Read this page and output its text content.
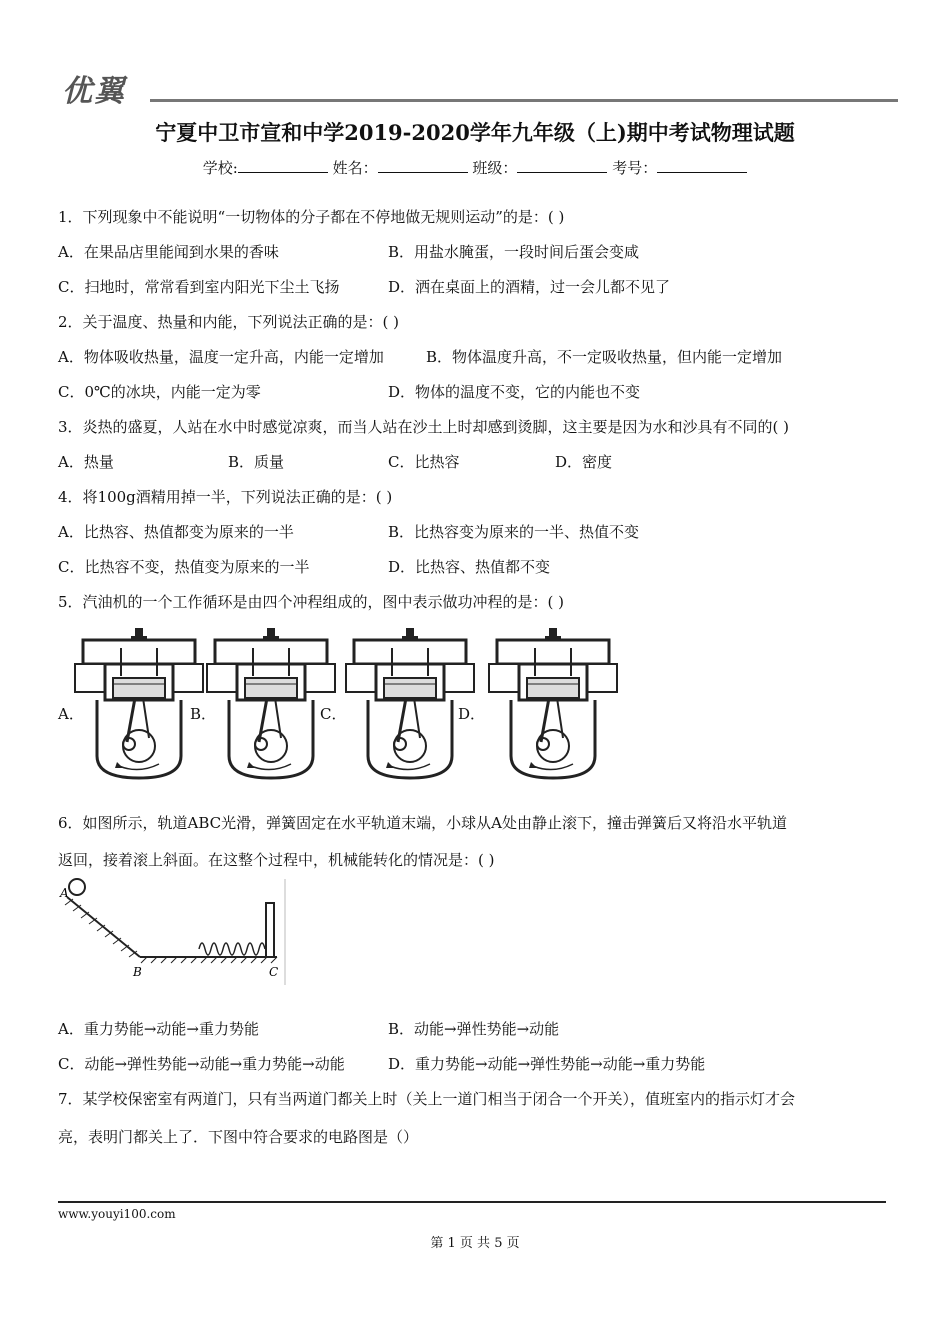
优翼
宁夏中卫市宣和中学2019-2020学年九年级（上)期中考试物理试题
学校:	姓名：	班级：	考号：
1．下列现象中不能说明“一切物体的分子都在不停地做无规则运动”的是：( )
A．在果品店里能闻到水果的香味	B．用盐水腌蛋，一段时间后蛋会变咸
C．扫地时，常常看到室内阳光下尘土飞扬	D．洒在桌面上的酒精，过一会儿都不见了
2．关于温度、热量和内能，下列说法正确的是：( )
A．物体吸收热量，温度一定升高，内能一定增加	B．物体温度升高，不一定吸收热量，但内能一定增加
C．0℃的冰块，内能一定为零	D．物体的温度不变，它的内能也不变
3．炎热的盛夏，人站在水中时感觉凉爽，而当人站在沙土上时却感到烫脚，这主要是因为水和沙具有不同的( )
A．热量	B．质量	C．比热容	D．密度
4．将100g酒精用掉一半，下列说法正确的是：( )
A．比热容、热值都变为原来的一半	B．比热容变为原来的一半、热值不变
C．比热容不变，热值变为原来的一半	D．比热容、热值都不变
5．汽油机的一个工作循环是由四个冲程组成的，图中表示做功冲程的是：( )
A．	B．	C．	D．
6．如图所示，轨道ABC光滑，弹簧固定在水平轨道末端，小球从A处由静止滚下，撞击弹簧后又将沿水平轨道
返回，接着滚上斜面。在这整个过程中，机械能转化的情况是：( )
A
B	C
A．重力势能→动能→重力势能	B．动能→弹性势能→动能
C．动能→弹性势能→动能→重力势能→动能	D．重力势能→动能→弹性势能→动能→重力势能
7．某学校保密室有两道门，只有当两道门都关上时（关上一道门相当于闭合一个开关），值班室内的指示灯才会
亮，表明门都关上了．下图中符合要求的电路图是（）
www.youyi100.com
第 1 页 共 5 页
